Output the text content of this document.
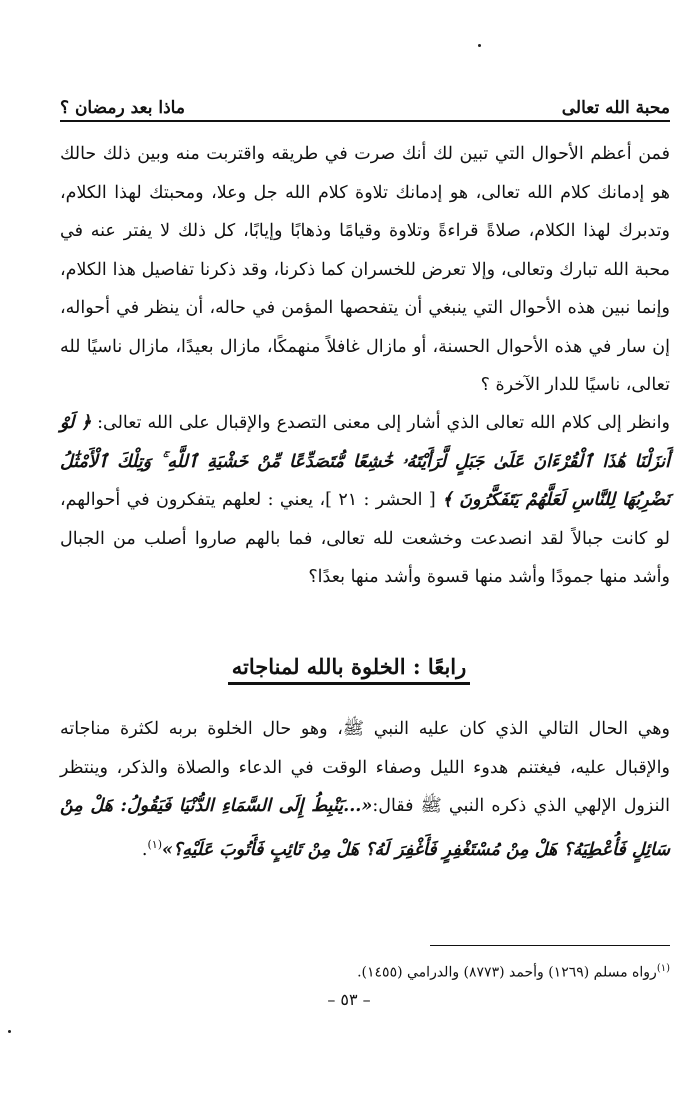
محبة الله تعالى
ماذا بعد رمضان ؟

فمن أعظم الأحوال التي تبين لك أنك صرت في طريقه واقتربت منه وبين ذلك حالك هو إدمانك كلام الله تعالى، هو إدمانك تلاوة كلام الله جل وعلا، ومحبتك لهذا الكلام، وتدبرك لهذا الكلام، صلاةً قراءةً وتلاوة وقيامًا وذهابًا وإيابًا، كل ذلك لا يفتر عنه في محبة الله تبارك وتعالى، وإلا تعرض للخسران كما ذكرنا، وقد ذكرنا تفاصيل هذا الكلام، وإنما نبين هذه الأحوال التي ينبغي أن يتفحصها المؤمن في حاله، أن ينظر في أحواله، إن سار في هذه الأحوال الحسنة، أو مازال غافلاً منهمكًا، مازال بعيدًا، مازال ناسيًا لله تعالى، ناسيًا للدار الآخرة ؟

وانظر إلى كلام الله تعالى الذي أشار إلى معنى التصدع والإقبال على الله تعالى: ﴿ لَوْ أَنزَلْنَا هَٰذَا ٱلْقُرْءَانَ عَلَىٰ جَبَلٍ لَّرَأَيْتَهُۥ خَٰشِعًا مُّتَصَدِّعًا مِّنْ خَشْيَةِ ٱللَّهِ ۚ وَتِلْكَ ٱلْأَمْثَٰلُ نَضْرِبُهَا لِلنَّاسِ لَعَلَّهُمْ يَتَفَكَّرُونَ ﴾ [ الحشر : ٢١ ]، يعني : لعلهم يتفكرون في أحوالهم، لو كانت جبالاً لقد انصدعت وخشعت لله تعالى، فما بالهم صاروا أصلب من الجبال وأشد منها جمودًا وأشد منها قسوة وأشد منها بعدًا؟

رابعًا : الخلوة بالله لمناجاته

وهي الحال التالي الذي كان عليه النبي ﷺ، وهو حال الخلوة بربه لكثرة مناجاته والإقبال عليه، فيغتنم هدوء الليل وصفاء الوقت في الدعاء والصلاة والذكر، وينتظر النزول الإلهي الذي ذكره النبي ﷺ فقال:«...يَنْبِطُ إِلَى السَّمَاءِ الدُّنْيَا فَيَقُولُ: هَلْ مِنْ سَائِلٍ فَأُعْطِيَهُ؟ هَلْ مِنْ مُسْتَغْفِرٍ فَأَغْفِرَ لَهُ؟ هَلْ مِنْ تَائِبٍ فَأَتُوبَ عَلَيْهِ؟»$^{(١)}$.

$^{(١)}$رواه مسلم (١٢٦٩) وأحمد (٨٧٧٣) والدرامي (١٤٥٥).

– ٥٣ –
